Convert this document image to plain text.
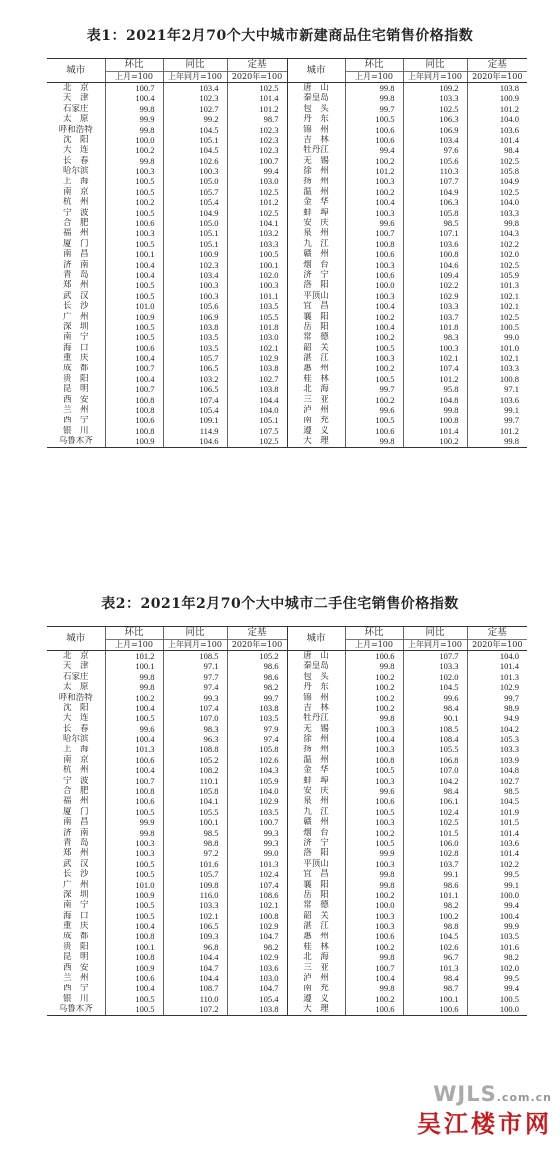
表1：2021年2月70个大中城市新建商品住宅销售价格指数
城市	环比	同比	定基	城市	环比	同比	定基
	上月=100	上年同月=100	2020年=100		上月=100	上年同月=100	2020年=100
北　京	100.7	103.4	102.5	唐　山	99.8	109.2	103.8
天　津	100.4	102.3	101.4	秦皇岛	99.8	103.3	100.9
石家庄	99.8	102.7	101.2	包　头	99.7	102.5	101.2
太　原	99.9	99.2	98.7	丹　东	100.5	106.3	104.0
呼和浩特	99.8	104.5	102.3	锦　州	100.6	106.9	103.6
沈　阳	100.0	105.1	102.3	吉　林	100.6	103.4	101.4
大　连	100.2	104.5	102.3	牡丹江	99.4	97.6	98.4
长　春	99.8	102.6	100.7	无　锡	100.2	105.6	102.5
哈尔滨	100.3	100.3	99.4	徐　州	101.2	110.3	105.8
上　海	100.5	105.0	103.0	扬　州	100.3	107.7	104.9
南　京	100.5	105.7	102.5	温　州	100.2	104.9	102.5
杭　州	100.2	105.4	101.2	金　华	100.4	106.3	104.0
宁　波	100.5	104.9	102.5	蚌　埠	100.3	105.8	103.3
合　肥	100.6	105.0	104.1	安　庆	99.6	98.5	99.8
福　州	100.3	105.1	103.2	泉　州	100.7	107.1	104.3
厦　门	100.5	105.1	103.3	九　江	100.8	103.6	102.2
南　昌	100.1	100.9	100.5	赣　州	100.6	100.8	102.0
济　南	100.4	102.3	100.1	烟　台	100.3	104.6	102.5
青　岛	100.4	103.4	102.0	济　宁	100.6	109.4	105.9
郑　州	100.5	100.3	100.3	洛　阳	100.0	102.2	101.3
武　汉	100.5	100.3	101.1	平顶山	100.3	102.9	102.1
长　沙	101.0	105.6	103.5	宜　昌	100.4	103.3	102.1
广　州	100.9	106.9	105.5	襄　阳	100.2	103.7	102.5
深　圳	100.5	103.8	101.8	岳　阳	100.4	101.8	100.5
南　宁	100.5	103.5	103.0	常　德	100.2	98.3	99.0
海　口	100.6	103.5	102.1	韶　关	100.5	100.3	101.0
重　庆	100.4	105.7	102.9	湛　江	100.3	102.1	102.1
成　都	100.7	106.5	103.8	惠　州	100.2	107.4	103.3
贵　阳	100.4	103.2	102.7	桂　林	100.5	101.2	100.8
昆　明	100.7	106.5	103.8	北　海	99.7	95.8	97.1
西　安	100.8	107.4	104.4	三　亚	100.2	104.8	103.6
兰　州	100.8	105.4	104.0	泸　州	99.6	99.8	99.1
西　宁	100.6	109.1	105.1	南　充	100.5	100.8	99.7
银　川	100.8	114.9	107.5	遵　义	100.6	101.4	101.2
乌鲁木齐	100.9	104.6	102.5	大　理	99.8	100.2	99.8
表2：2021年2月70个大中城市二手住宅销售价格指数
城市	环比	同比	定基	城市	环比	同比	定基
	上月=100	上年同月=100	2020年=100		上月=100	上年同月=100	2020年=100
北　京	101.2	108.5	105.2	唐　山	100.6	107.7	104.0
天　津	100.1	97.1	98.6	秦皇岛	99.8	103.3	101.4
石家庄	99.8	97.7	98.6	包　头	100.2	102.0	101.3
太　原	99.8	97.4	98.2	丹　东	100.2	104.5	102.9
呼和浩特	100.2	99.3	99.7	锦　州	100.2	99.6	99.7
沈　阳	100.4	107.4	103.8	吉　林	100.2	98.4	98.9
大　连	100.5	107.0	103.5	牡丹江	99.8	90.1	94.9
长　春	99.6	98.3	97.9	无　锡	100.3	108.5	104.2
哈尔滨	100.4	96.3	97.4	徐　州	100.4	108.4	105.3
上　海	101.3	108.8	105.8	扬　州	100.3	105.5	103.3
南　京	100.6	105.2	102.6	温　州	100.8	106.8	103.9
杭　州	100.4	108.2	104.3	金　华	100.5	107.0	104.8
宁　波	100.7	110.1	105.9	蚌　埠	100.3	104.2	102.7
合　肥	100.8	105.8	104.0	安　庆	99.6	98.4	98.5
福　州	100.6	104.1	102.9	泉　州	100.6	106.1	104.5
厦　门	100.5	105.5	103.5	九　江	100.5	102.4	101.9
南　昌	99.9	100.1	100.7	赣　州	100.3	102.5	101.5
济　南	99.8	98.5	99.3	烟　台	100.2	101.5	101.4
青　岛	100.3	98.8	99.3	济　宁	100.5	106.0	103.6
郑　州	100.3	97.2	99.0	洛　阳	99.9	102.8	101.4
武　汉	100.5	101.6	101.3	平顶山	100.3	103.7	102.2
长　沙	100.5	105.7	102.4	宜　昌	99.8	99.1	99.5
广　州	101.0	109.8	107.4	襄　阳	99.8	98.6	99.1
深　圳	100.9	116.0	108.6	岳　阳	100.2	101.1	100.0
南　宁	100.5	103.3	102.1	常　德	100.0	98.2	99.4
海　口	100.5	102.1	100.8	韶　关	100.3	100.2	100.4
重　庆	100.4	106.5	102.9	湛　江	100.3	98.8	99.9
成　都	100.8	109.3	104.7	惠　州	100.6	104.5	103.5
贵　阳	100.1	96.8	98.2	桂　林	100.2	102.6	101.6
昆　明	100.8	104.4	102.9	北　海	99.8	96.7	98.2
西　安	100.9	104.7	103.6	三　亚	100.7	101.3	102.0
兰　州	100.6	104.4	103.0	泸　州	100.4	98.4	99.5
西　宁	100.4	108.7	104.7	南　充	99.8	98.7	99.4
银　川	100.5	110.0	105.4	遵　义	100.2	100.1	100.5
乌鲁木齐	100.5	107.2	103.8	大　理	100.6	100.6	100.0
WJLS.com.cn
吴江楼市网
